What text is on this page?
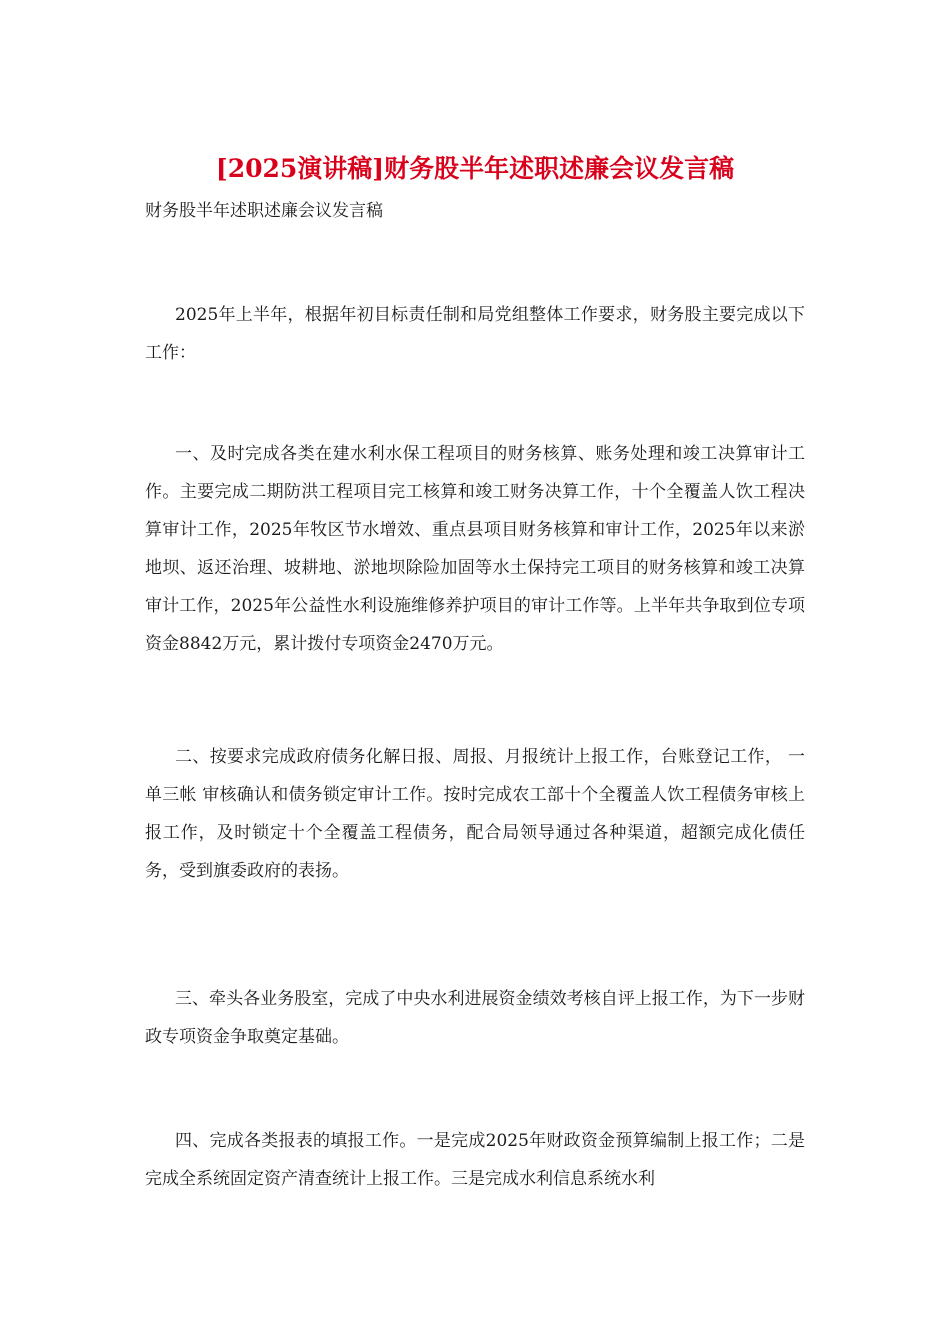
[2025演讲稿]财务股半年述职述廉会议发言稿

财务股半年述职述廉会议发言稿

2025年上半年，根据年初目标责任制和局党组整体工作要求，财务股主要完成以下工作：

一、及时完成各类在建水利水保工程项目的财务核算、账务处理和竣工决算审计工作。主要完成二期防洪工程项目完工核算和竣工财务决算工作，十个全覆盖人饮工程决算审计工作，2025年牧区节水增效、重点县项目财务核算和审计工作，2025年以来淤地坝、返还治理、坡耕地、淤地坝除险加固等水土保持完工项目的财务核算和竣工决算审计工作，2025年公益性水利设施维修养护项目的审计工作等。上半年共争取到位专项资金8842万元，累计拨付专项资金2470万元。

二、按要求完成政府债务化解日报、周报、月报统计上报工作，台账登记工作， 一单三帐 审核确认和债务锁定审计工作。按时完成农工部十个全覆盖人饮工程债务审核上报工作，及时锁定十个全覆盖工程债务，配合局领导通过各种渠道，超额完成化债任务，受到旗委政府的表扬。

三、牵头各业务股室，完成了中央水利进展资金绩效考核自评上报工作，为下一步财政专项资金争取奠定基础。

四、完成各类报表的填报工作。一是完成2025年财政资金预算编制上报工作；二是完成全系统固定资产清查统计上报工作。三是完成水利信息系统水利
